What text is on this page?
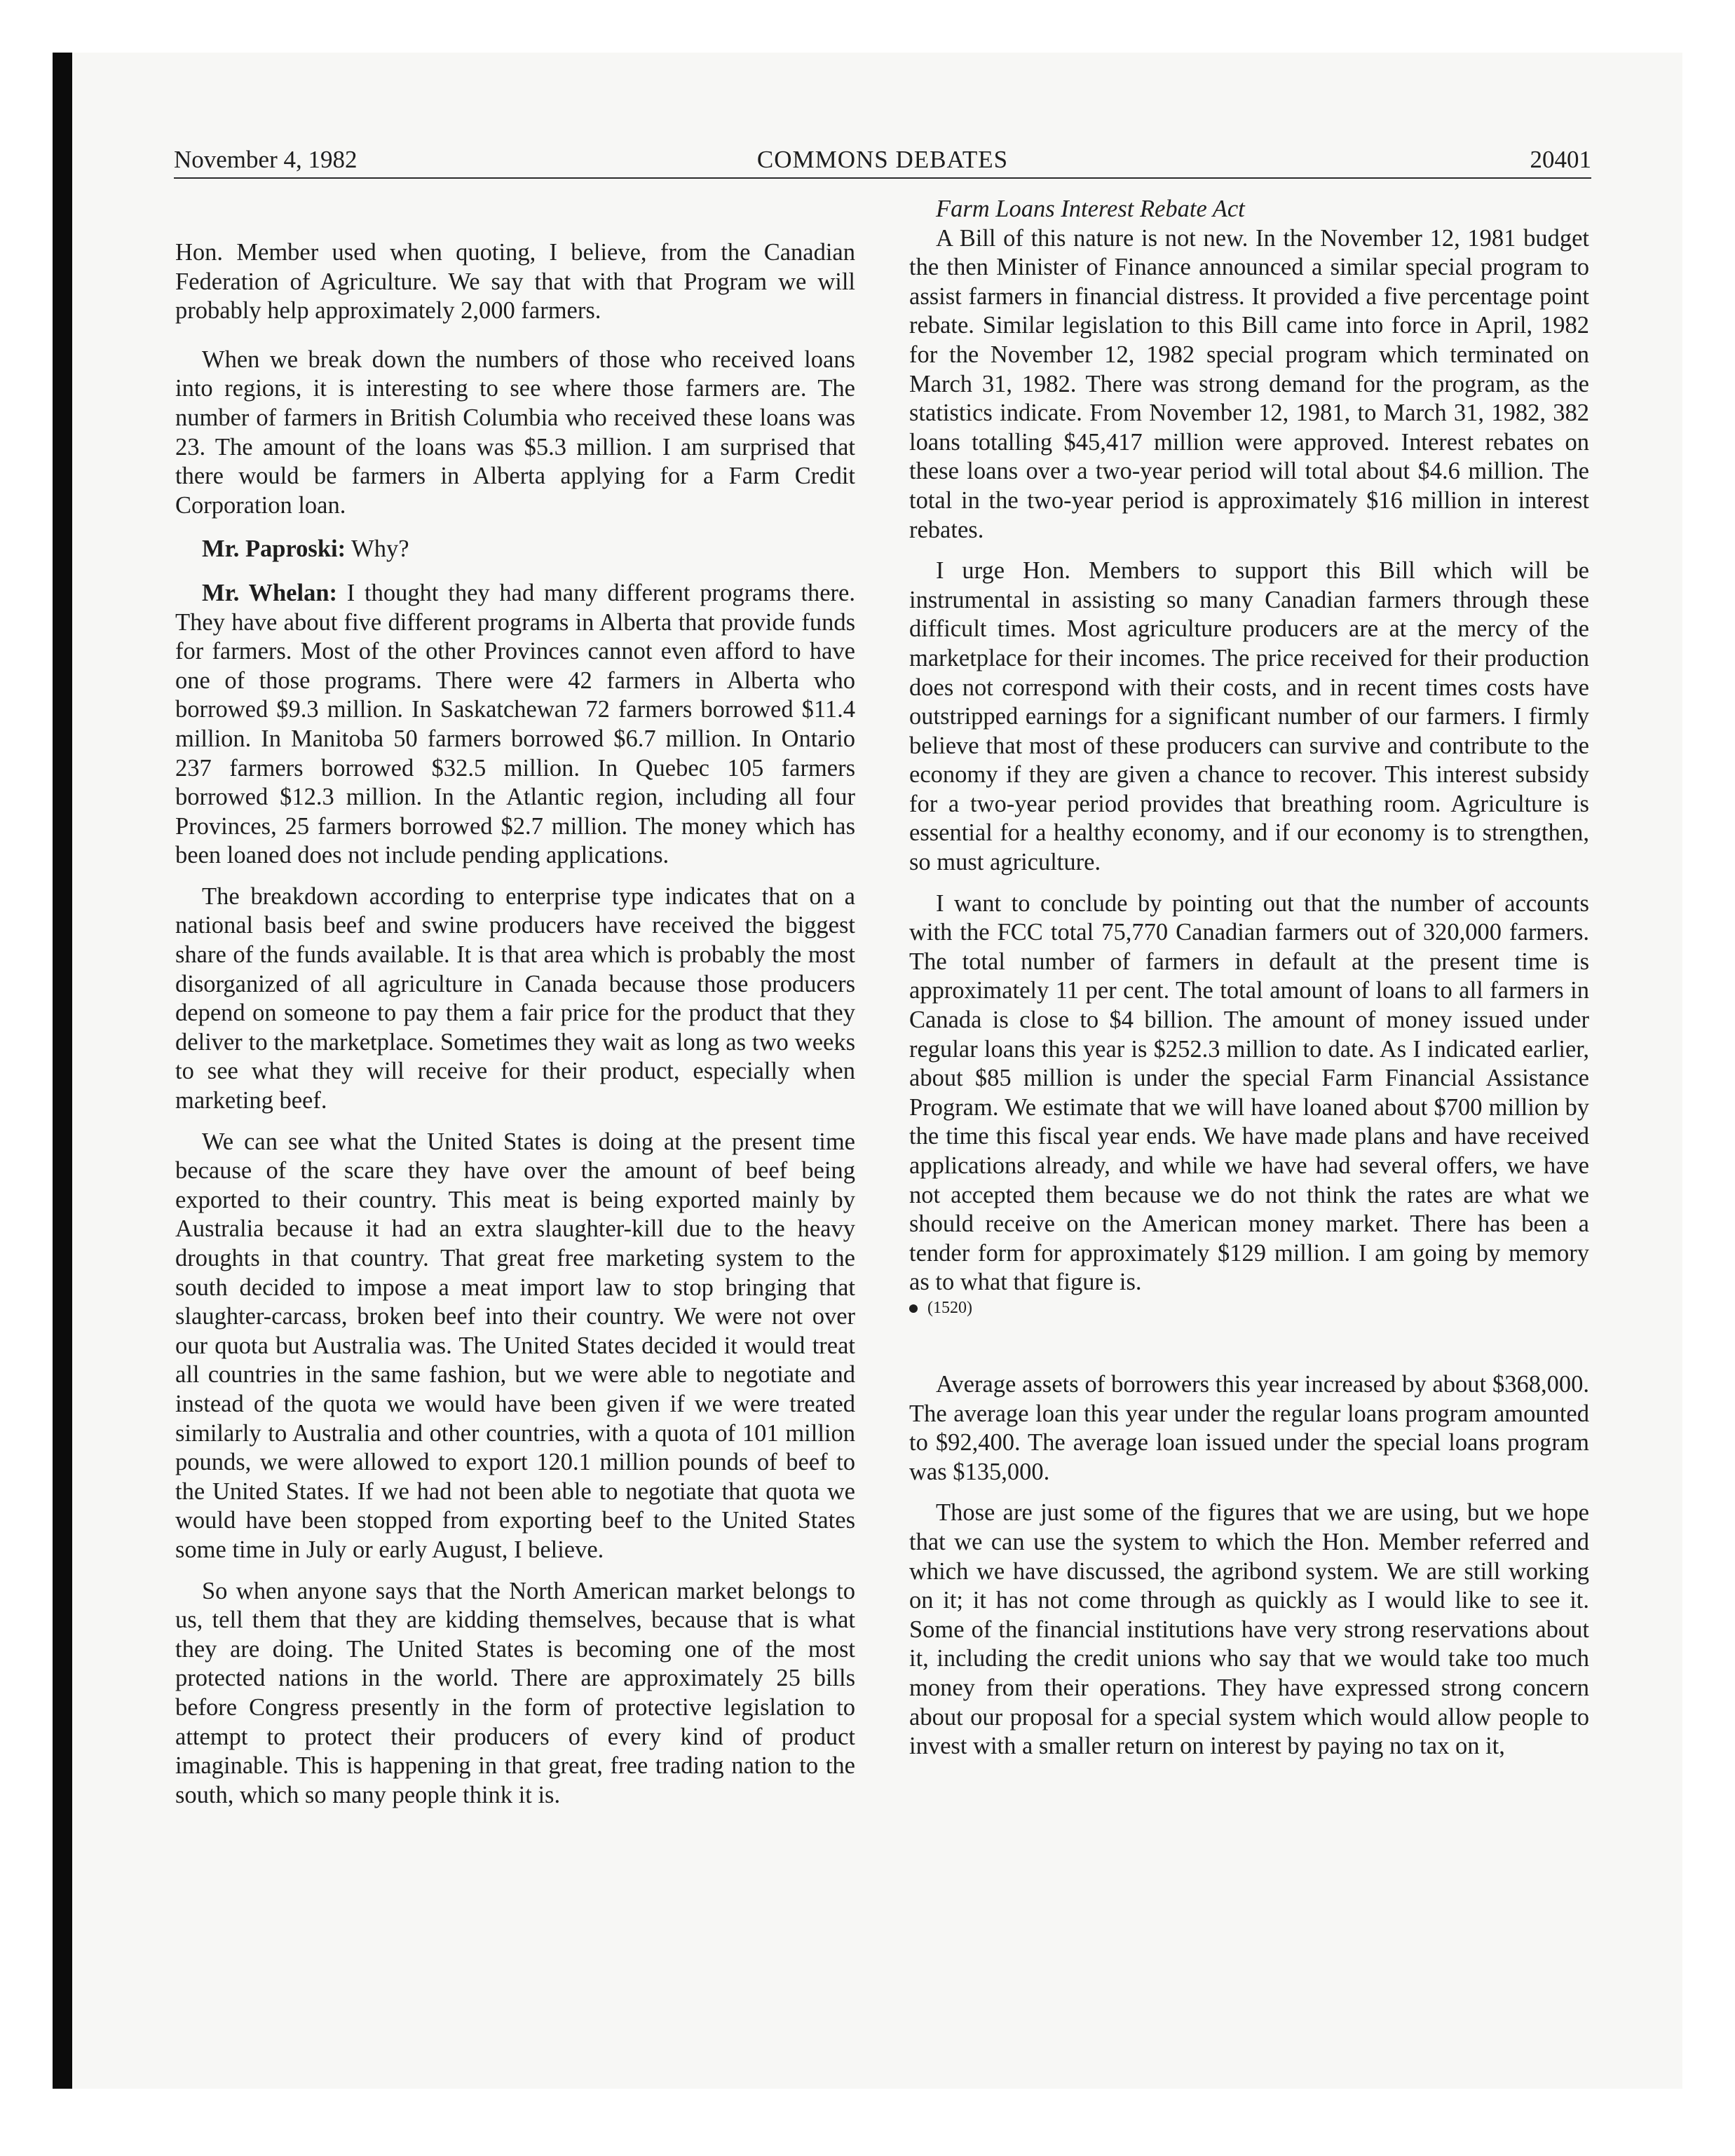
November 4, 1982	COMMONS DEBATES	20401

Hon. Member used when quoting, I believe, from the Canadian Federation of Agriculture. We say that with that Program we will probably help approximately 2,000 farmers.

When we break down the numbers of those who received loans into regions, it is interesting to see where those farmers are. The number of farmers in British Columbia who received these loans was 23. The amount of the loans was $5.3 million. I am surprised that there would be farmers in Alberta applying for a Farm Credit Corporation loan.

Mr. Paproski: Why?

Mr. Whelan: I thought they had many different programs there. They have about five different programs in Alberta that provide funds for farmers. Most of the other Provinces cannot even afford to have one of those programs. There were 42 farmers in Alberta who borrowed $9.3 million. In Saskatchewan 72 farmers borrowed $11.4 million. In Manitoba 50 farmers borrowed $6.7 million. In Ontario 237 farmers borrowed $32.5 million. In Quebec 105 farmers borrowed $12.3 million. In the Atlantic region, including all four Provinces, 25 farmers borrowed $2.7 million. The money which has been loaned does not include pending applications.

The breakdown according to enterprise type indicates that on a national basis beef and swine producers have received the biggest share of the funds available. It is that area which is probably the most disorganized of all agriculture in Canada because those producers depend on someone to pay them a fair price for the product that they deliver to the marketplace. Sometimes they wait as long as two weeks to see what they will receive for their product, especially when marketing beef.

We can see what the United States is doing at the present time because of the scare they have over the amount of beef being exported to their country. This meat is being exported mainly by Australia because it had an extra slaughter-kill due to the heavy droughts in that country. That great free marketing system to the south decided to impose a meat import law to stop bringing that slaughter-carcass, broken beef into their country. We were not over our quota but Australia was. The United States decided it would treat all countries in the same fashion, but we were able to negotiate and instead of the quota we would have been given if we were treated similarly to Australia and other countries, with a quota of 101 million pounds, we were allowed to export 120.1 million pounds of beef to the United States. If we had not been able to negotiate that quota we would have been stopped from exporting beef to the United States some time in July or early August, I believe.

So when anyone says that the North American market belongs to us, tell them that they are kidding themselves, because that is what they are doing. The United States is becoming one of the most protected nations in the world. There are approximately 25 bills before Congress presently in the form of protective legislation to attempt to protect their producers of every kind of product imaginable. This is happening in that great, free trading nation to the south, which so many people think it is.

Farm Loans Interest Rebate Act

A Bill of this nature is not new. In the November 12, 1981 budget the then Minister of Finance announced a similar special program to assist farmers in financial distress. It provided a five percentage point rebate. Similar legislation to this Bill came into force in April, 1982 for the November 12, 1982 special program which terminated on March 31, 1982. There was strong demand for the program, as the statistics indicate. From November 12, 1981, to March 31, 1982, 382 loans totalling $45,417 million were approved. Interest rebates on these loans over a two-year period will total about $4.6 million. The total in the two-year period is approximately $16 million in interest rebates.

I urge Hon. Members to support this Bill which will be instrumental in assisting so many Canadian farmers through these difficult times. Most agriculture producers are at the mercy of the marketplace for their incomes. The price received for their production does not correspond with their costs, and in recent times costs have outstripped earnings for a significant number of our farmers. I firmly believe that most of these producers can survive and contribute to the economy if they are given a chance to recover. This interest subsidy for a two-year period provides that breathing room. Agriculture is essential for a healthy economy, and if our economy is to strengthen, so must agriculture.

I want to conclude by pointing out that the number of accounts with the FCC total 75,770 Canadian farmers out of 320,000 farmers. The total number of farmers in default at the present time is approximately 11 per cent. The total amount of loans to all farmers in Canada is close to $4 billion. The amount of money issued under regular loans this year is $252.3 million to date. As I indicated earlier, about $85 million is under the special Farm Financial Assistance Program. We estimate that we will have loaned about $700 million by the time this fiscal year ends. We have made plans and have received applications already, and while we have had several offers, we have not accepted them because we do not think the rates are what we should receive on the American money market. There has been a tender form for approximately $129 million. I am going by memory as to what that figure is.

(1520)

Average assets of borrowers this year increased by about $368,000. The average loan this year under the regular loans program amounted to $92,400. The average loan issued under the special loans program was $135,000.

Those are just some of the figures that we are using, but we hope that we can use the system to which the Hon. Member referred and which we have discussed, the agribond system. We are still working on it; it has not come through as quickly as I would like to see it. Some of the financial institutions have very strong reservations about it, including the credit unions who say that we would take too much money from their operations. They have expressed strong concern about our proposal for a special system which would allow people to invest with a smaller return on interest by paying no tax on it,
